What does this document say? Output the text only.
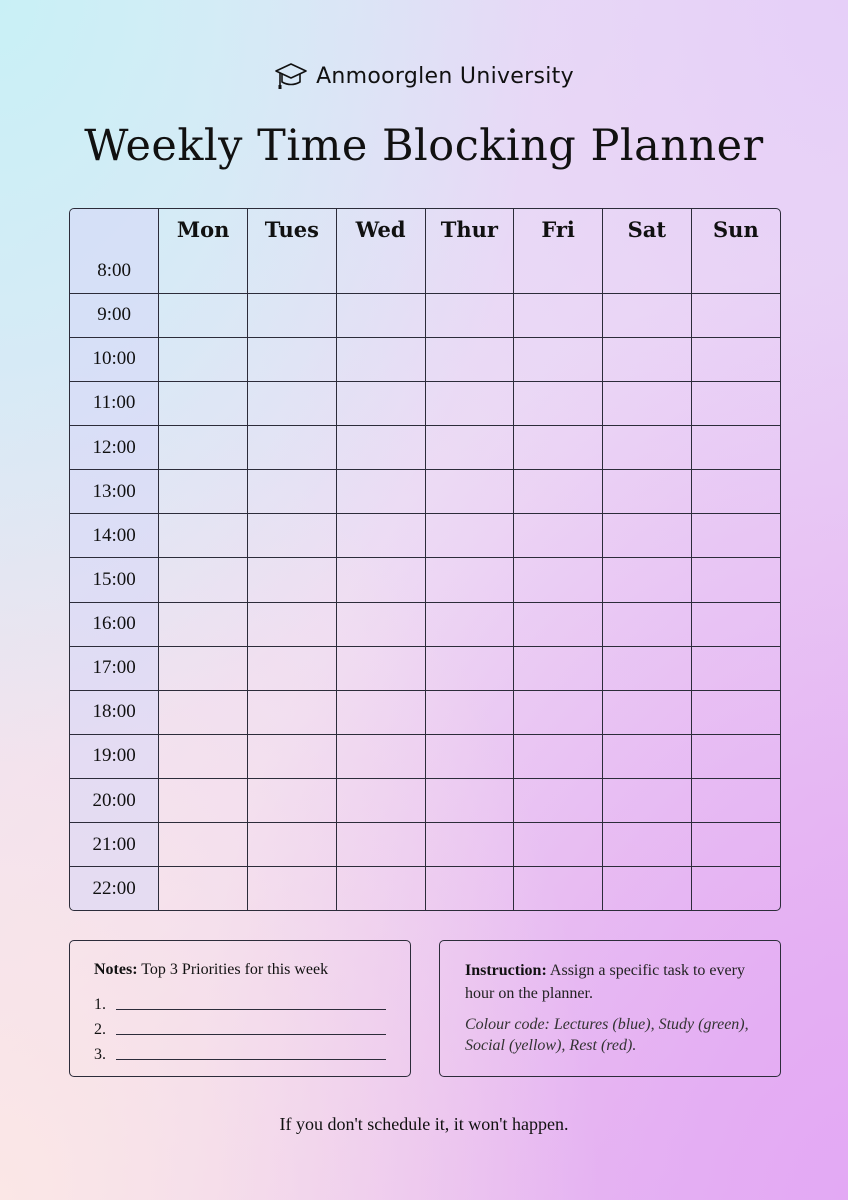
Anmoorglen University
Weekly Time Blocking Planner
	Mon	Tues	Wed	Thur	Fri	Sat	Sun
8:00							
9:00							
10:00							
11:00							
12:00							
13:00							
14:00							
15:00							
16:00							
17:00							
18:00							
19:00							
20:00							
21:00							
22:00							
Notes: Top 3 Priorities for this week
1.
2.
3.
Instruction: Assign a specific task to every hour on the planner.
Colour code: Lectures (blue), Study (green), Social (yellow), Rest (red).
If you don't schedule it, it won't happen.
